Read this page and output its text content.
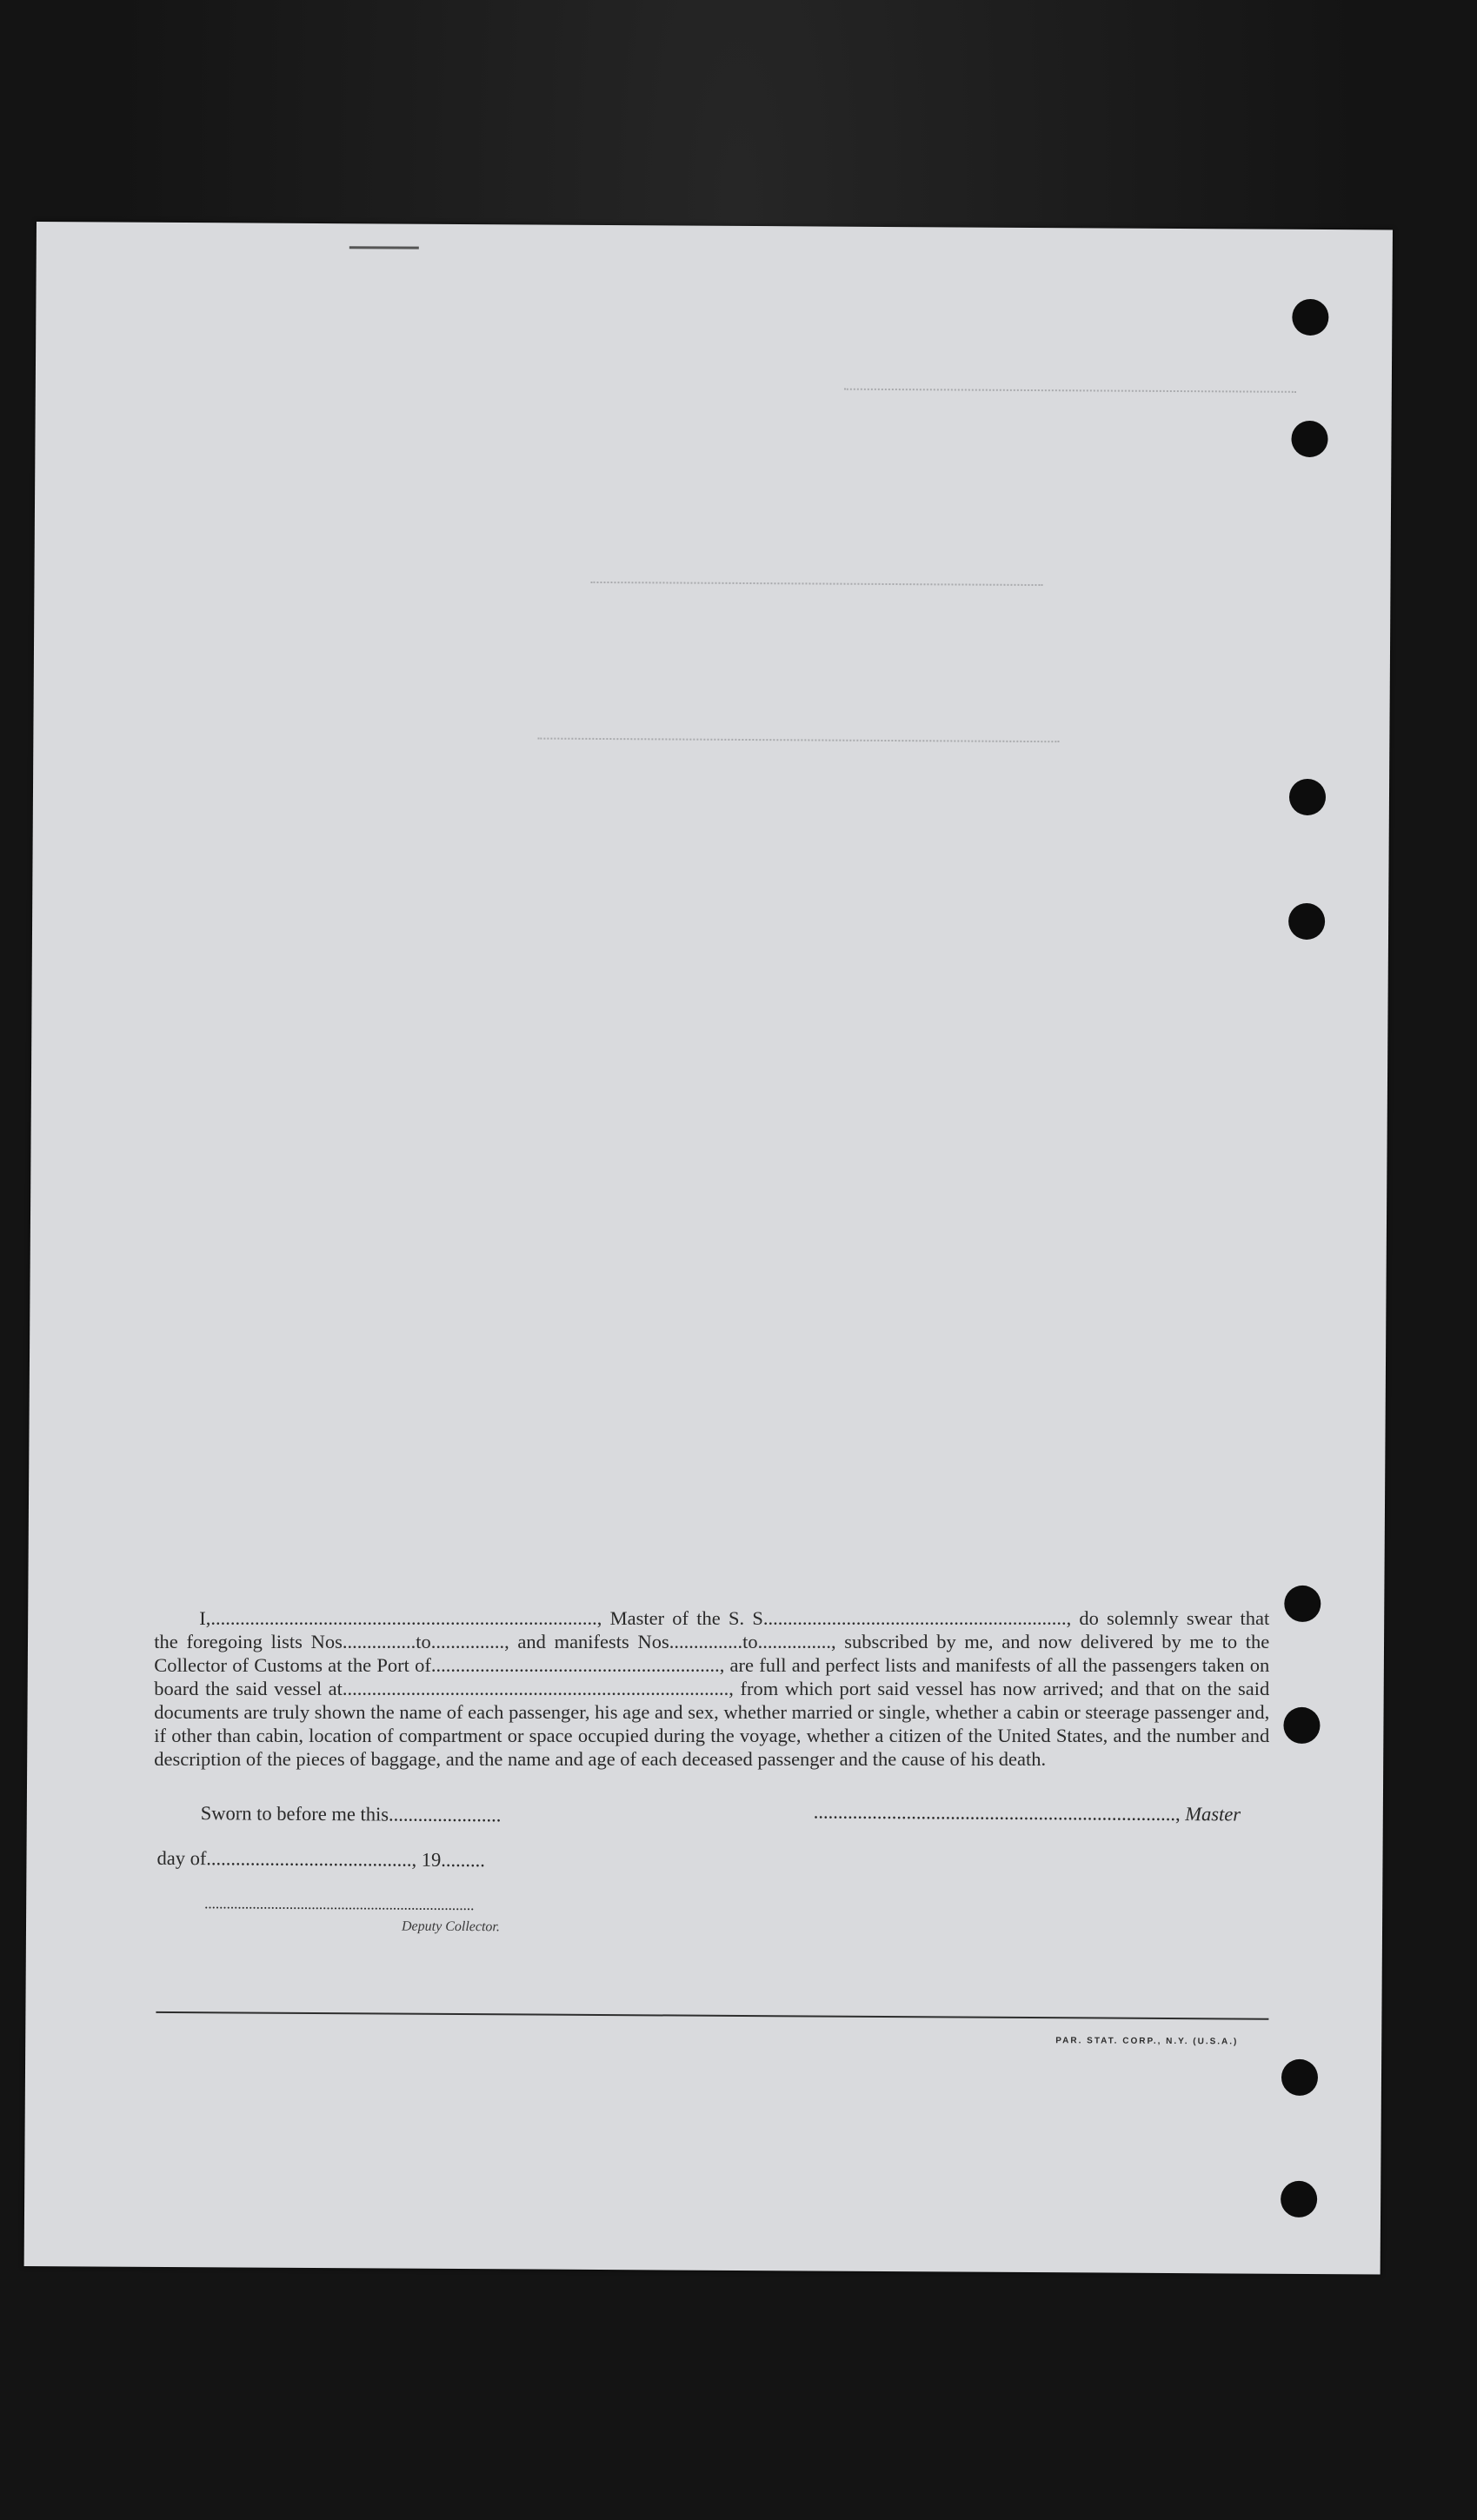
I,..............................................................................., Master of the S. S.............................................................., do solemnly swear that the foregoing lists Nos...............to..............., and manifests Nos...............to..............., subscribed by me, and now delivered by me to the Collector of Customs at the Port of..........................................................., are full and perfect lists and manifests of all the passengers taken on board the said vessel at..............................................................................., from which port said vessel has now arrived; and that on the said documents are truly shown the name of each passenger, his age and sex, whether married or single, whether a cabin or steerage passenger and, if other than cabin, location of compartment or space occupied during the voyage, whether a citizen of the United States, and the number and description of the pieces of baggage, and the name and age of each deceased passenger and the cause of his death.

Sworn to before me this.......................	.........................................................................., Master
day of.........................................., 19.........
.........................................................................
Deputy Collector.
PAR. STAT. CORP., N.Y. (U.S.A.)
